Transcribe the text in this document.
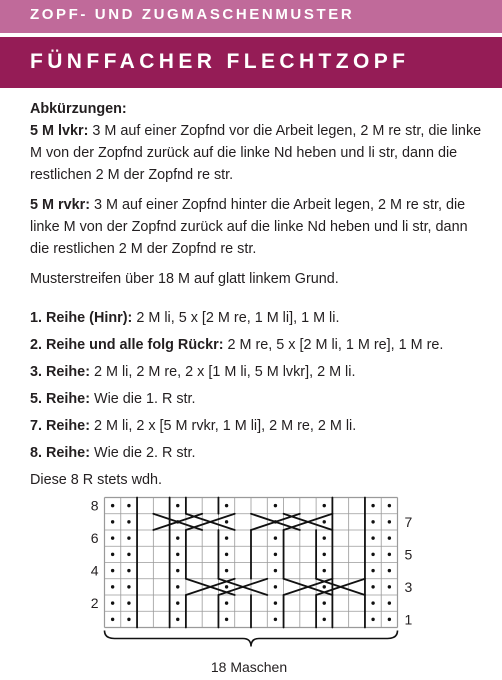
ZOPF- UND ZUGMASCHENMUSTER
FÜNFFACHER FLECHTZOPF

Abkürzungen:

5 M lvkr: 3 M auf einer Zopfnd vor die Arbeit legen, 2 M re str, die linke M von der Zopfnd zurück auf die linke Nd heben und li str, dann die restlichen 2 M der Zopfnd re str.

5 M rvkr: 3 M auf einer Zopfnd hinter die Arbeit legen, 2 M re str, die linke M von der Zopfnd zurück auf die linke Nd heben und li str, dann die restlichen 2 M der Zopfnd re str.

Musterstreifen über 18 M auf glatt linkem Grund.

1. Reihe (Hinr): 2 M li, 5 x [2 M re, 1 M li], 1 M li.

2. Reihe und alle folg Rückr: 2 M re, 5 x [2 M li, 1 M re], 1 M re.

3. Reihe: 2 M li, 2 M re, 2 x [1 M li, 5 M lvkr], 2 M li.

5. Reihe: Wie die 1. R str.

7. Reihe: 2 M li, 2 x [5 M rvkr, 1 M li], 2 M re, 2 M li.

8. Reihe: Wie die 2. R str.

Diese 8 R stets wdh.

8
6
4
2
7
5
3
1
18 Maschen
